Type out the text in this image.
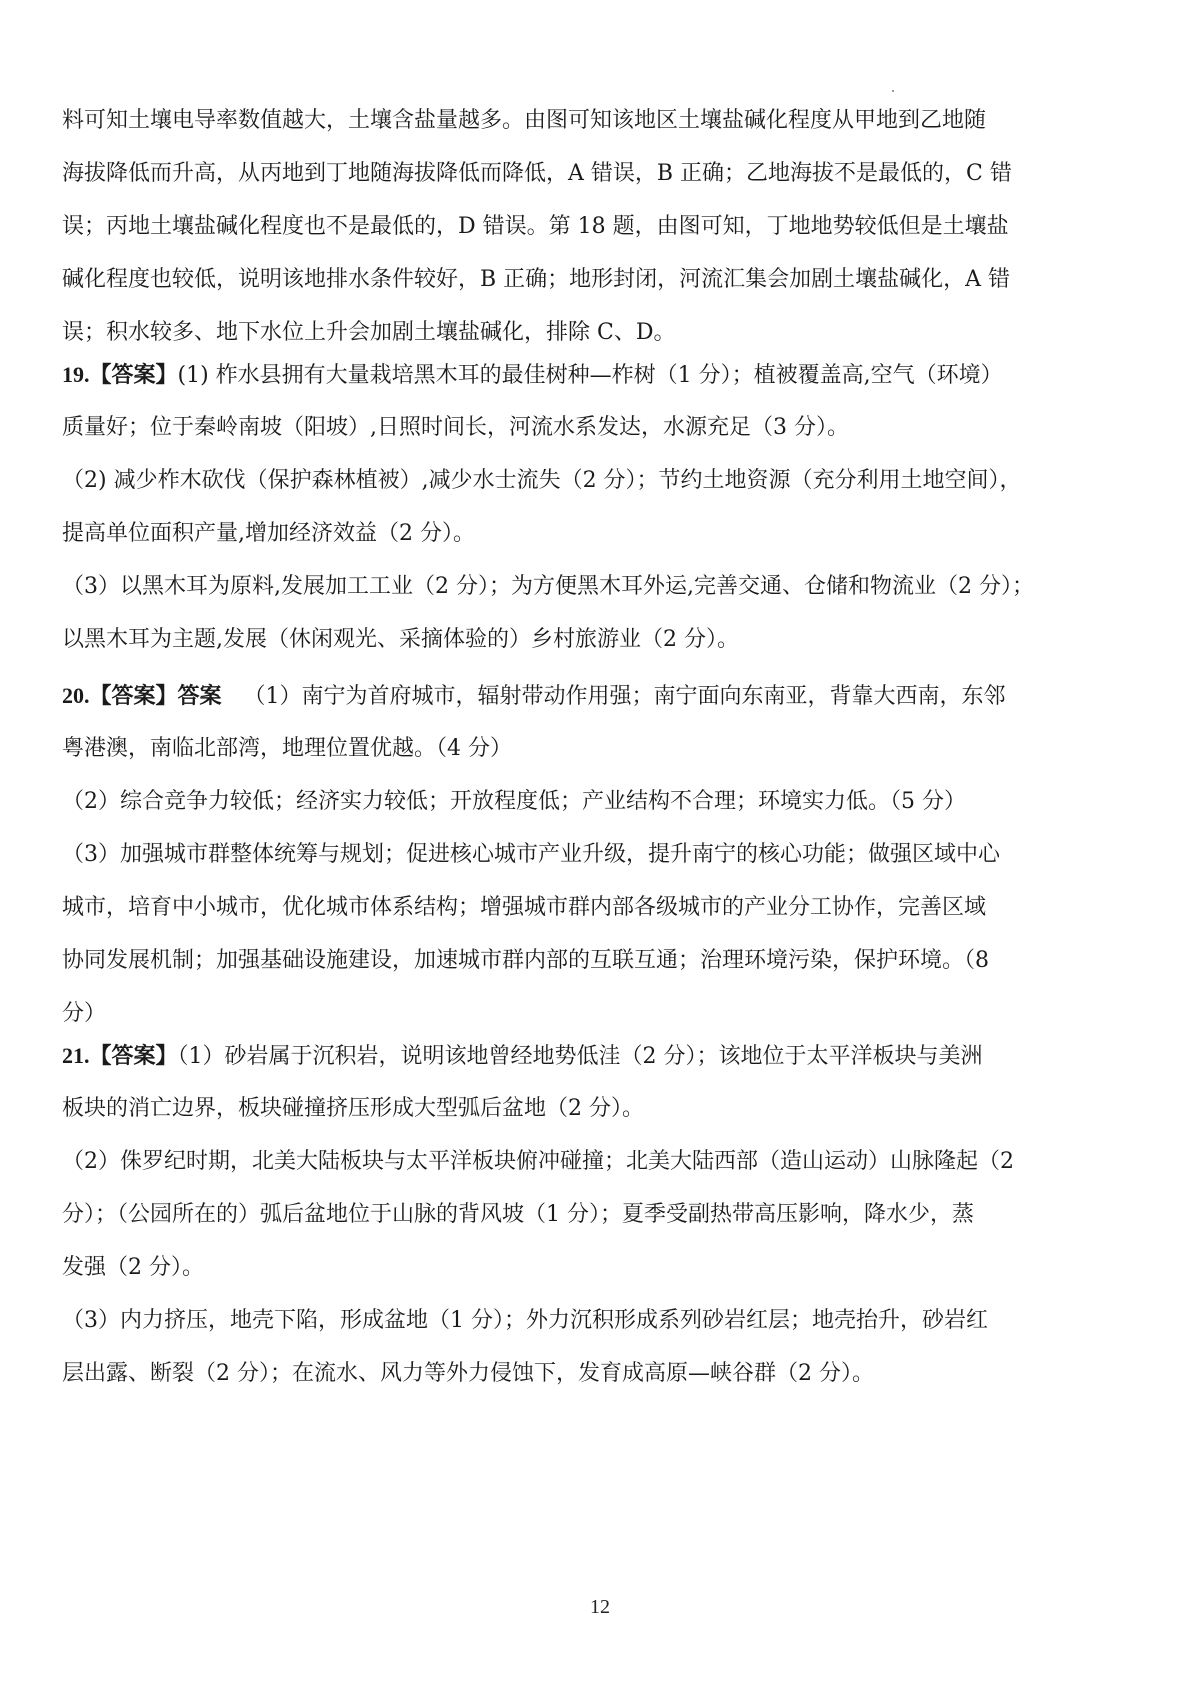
料可知土壤电导率数值越大，土壤含盐量越多。由图可知该地区土壤盐碱化程度从甲地到乙地随

海拔降低而升高，从丙地到丁地随海拔降低而降低，A 错误，B 正确；乙地海拔不是最低的，C 错

误；丙地土壤盐碱化程度也不是最低的，D 错误。第 18 题，由图可知，丁地地势较低但是土壤盐

碱化程度也较低，说明该地排水条件较好，B 正确；地形封闭，河流汇集会加剧土壤盐碱化，A 错

误；积水较多、地下水位上升会加剧土壤盐碱化，排除 C、D。

19.【答案】(1) 柞水县拥有大量栽培黑木耳的最佳树种—柞树（1 分）；植被覆盖高,空气（环境）

质量好；位于秦岭南坡（阳坡）,日照时间长，河流水系发达，水源充足（3 分）。

（2) 减少柞木砍伐（保护森林植被）,减少水士流失（2 分）；节约土地资源（充分利用土地空间），

提高单位面积产量,增加经济效益（2 分）。

（3）以黑木耳为原料,发展加工工业（2 分）；为方便黑木耳外运,完善交通、仓储和物流业（2 分）；

以黑木耳为主题,发展（休闲观光、采摘体验的）乡村旅游业（2 分）。

20.【答案】答案 （1）南宁为首府城市，辐射带动作用强；南宁面向东南亚，背靠大西南，东邻

粤港澳，南临北部湾，地理位置优越。（4 分）

（2）综合竞争力较低；经济实力较低；开放程度低；产业结构不合理；环境实力低。（5 分）

（3）加强城市群整体统筹与规划；促进核心城市产业升级，提升南宁的核心功能；做强区域中心

城市，培育中小城市，优化城市体系结构；增强城市群内部各级城市的产业分工协作，完善区域

协同发展机制；加强基础设施建设，加速城市群内部的互联互通；治理环境污染，保护环境。（8

分）

21.【答案】（1）砂岩属于沉积岩，说明该地曾经地势低洼（2 分）；该地位于太平洋板块与美洲

板块的消亡边界，板块碰撞挤压形成大型弧后盆地（2 分）。

（2）侏罗纪时期，北美大陆板块与太平洋板块俯冲碰撞；北美大陆西部（造山运动）山脉隆起（2

分）；（公园所在的）弧后盆地位于山脉的背风坡（1 分）；夏季受副热带高压影响，降水少，蒸

发强（2 分）。

（3）内力挤压，地壳下陷，形成盆地（1 分）；外力沉积形成系列砂岩红层；地壳抬升，砂岩红

层出露、断裂（2 分）；在流水、风力等外力侵蚀下，发育成高原—峡谷群（2 分）。

12
